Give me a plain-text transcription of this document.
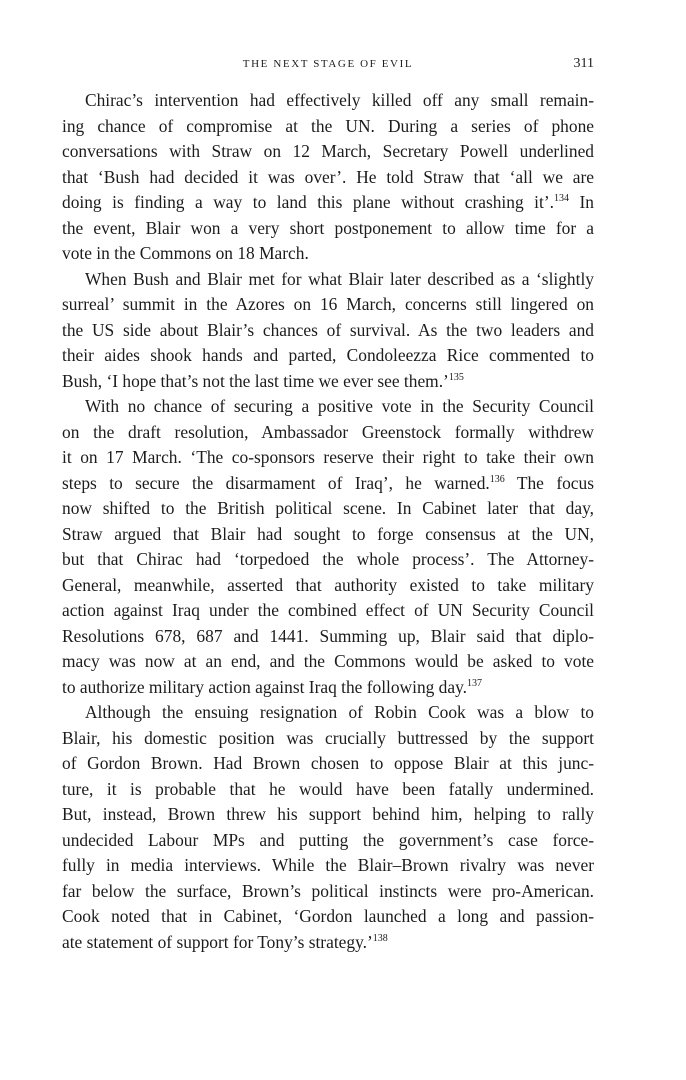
THE NEXT STAGE OF EVIL	311

Chirac’s intervention had effectively killed off any small remain-
ing chance of compromise at the UN. During a series of phone
conversations with Straw on 12 March, Secretary Powell underlined
that ‘Bush had decided it was over’. He told Straw that ‘all we are
doing is finding a way to land this plane without crashing it’.$^{134}$ In
the event, Blair won a very short postponement to allow time for a
vote in the Commons on 18 March.

When Bush and Blair met for what Blair later described as a ‘slightly
surreal’ summit in the Azores on 16 March, concerns still lingered on
the US side about Blair’s chances of survival. As the two leaders and
their aides shook hands and parted, Condoleezza Rice commented to
Bush, ‘I hope that’s not the last time we ever see them.’$^{135}$

With no chance of securing a positive vote in the Security Council
on the draft resolution, Ambassador Greenstock formally withdrew
it on 17 March. ‘The co-sponsors reserve their right to take their own
steps to secure the disarmament of Iraq’, he warned.$^{136}$ The focus
now shifted to the British political scene. In Cabinet later that day,
Straw argued that Blair had sought to forge consensus at the UN,
but that Chirac had ‘torpedoed the whole process’. The Attorney-
General, meanwhile, asserted that authority existed to take military
action against Iraq under the combined effect of UN Security Council
Resolutions 678, 687 and 1441. Summing up, Blair said that diplo-
macy was now at an end, and the Commons would be asked to vote
to authorize military action against Iraq the following day.$^{137}$

Although the ensuing resignation of Robin Cook was a blow to
Blair, his domestic position was crucially buttressed by the support
of Gordon Brown. Had Brown chosen to oppose Blair at this junc-
ture, it is probable that he would have been fatally undermined.
But, instead, Brown threw his support behind him, helping to rally
undecided Labour MPs and putting the government’s case force-
fully in media interviews. While the Blair–Brown rivalry was never
far below the surface, Brown’s political instincts were pro-American.
Cook noted that in Cabinet, ‘Gordon launched a long and passion-
ate statement of support for Tony’s strategy.’$^{138}$
